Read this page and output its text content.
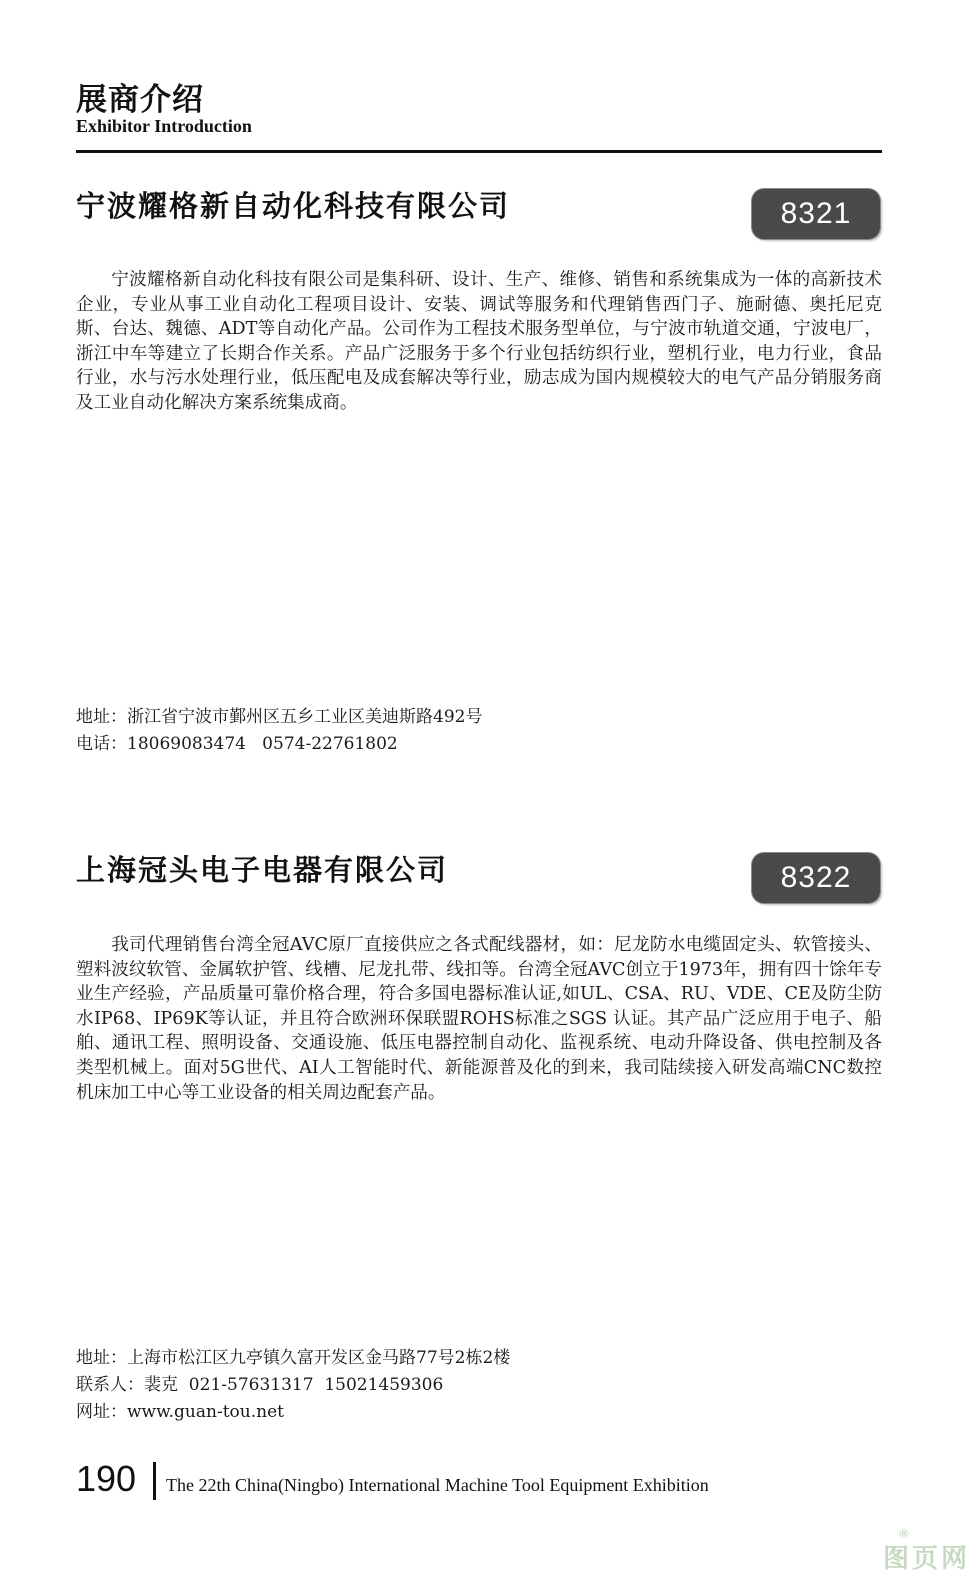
展商介绍
Exhibitor Introduction
宁波耀格新自动化科技有限公司	8321
宁波耀格新自动化科技有限公司是集科研、设计、生产、维修、销售和系统集成为一体的高新技术企业，专业从事工业自动化工程项目设计、安装、调试等服务和代理销售西门子、施耐德、奥托尼克斯、台达、魏德、ADT等自动化产品。公司作为工程技术服务型单位，与宁波市轨道交通，宁波电厂，浙江中车等建立了长期合作关系。产品广泛服务于多个行业包括纺织行业，塑机行业，电力行业，食品行业，水与污水处理行业，低压配电及成套解决等行业，励志成为国内规模较大的电气产品分销服务商及工业自动化解决方案系统集成商。
地址：浙江省宁波市鄞州区五乡工业区美迪斯路492号
电话：18069083474   0574-22761802
上海冠头电子电器有限公司	8322
我司代理销售台湾全冠AVC原厂直接供应之各式配线器材，如：尼龙防水电缆固定头、软管接头、塑料波纹软管、金属软护管、线槽、尼龙扎带、线扣等。台湾全冠AVC创立于1973年，拥有四十馀年专业生产经验，产品质量可靠价格合理，符合多国电器标准认证,如UL、CSA、RU、VDE、CE及防尘防水IP68、IP69K等认证，并且符合欧洲环保联盟ROHS标准之SGS 认证。其产品广泛应用于电子、船舶、通讯工程、照明设备、交通设施、低压电器控制自动化、监视系统、电动升降设备、供电控制及各类型机械上。面对5G世代、AI人工智能时代、新能源普及化的到来，我司陆续接入研发高端CNC数控机床加工中心等工业设备的相关周边配套产品。
地址：上海市松江区九亭镇久富开发区金马路77号2栋2楼
联系人：裴克  021-57631317  15021459306
网址：www.guan-tou.net
190 The 22th China(Ningbo) International Machine Tool Equipment Exhibition
®
图页网
